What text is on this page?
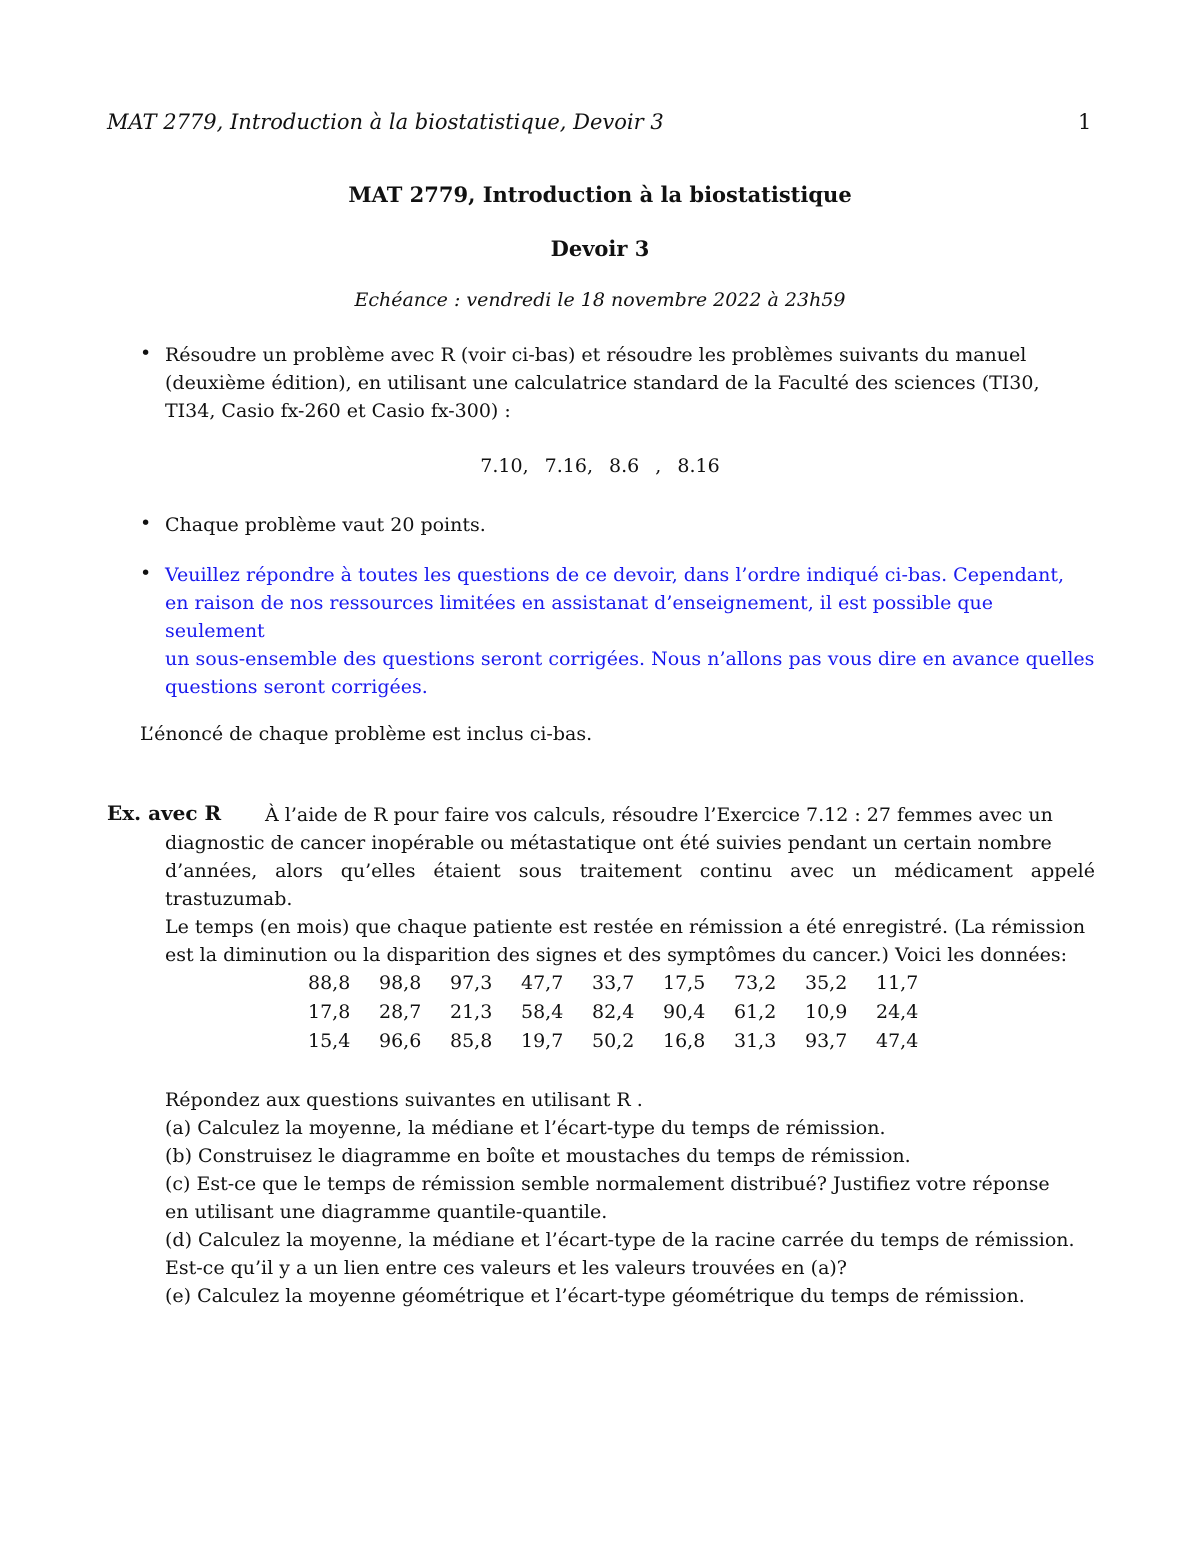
MAT 2779, Introduction à la biostatistique, Devoir 3	1
MAT 2779, Introduction à la biostatistique
Devoir 3
Echéance : vendredi le 18 novembre 2022 à 23h59
• Résoudre un problème avec R (voir ci-bas) et résoudre les problèmes suivants du manuel
(deuxième édition), en utilisant une calculatrice standard de la Faculté des sciences (TI30,
TI34, Casio fx-260 et Casio fx-300) :
7.10, 7.16, 8.6 , 8.16
• Chaque problème vaut 20 points.
• Veuillez répondre à toutes les questions de ce devoir, dans l’ordre indiqué ci-bas. Cependant,
en raison de nos ressources limitées en assistanat d’enseignement, il est possible que seulement
un sous-ensemble des questions seront corrigées. Nous n’allons pas vous dire en avance quelles
questions seront corrigées.
L’énoncé de chaque problème est inclus ci-bas.
Ex. avec R	À l’aide de R pour faire vos calculs, résoudre l’Exercice 7.12 : 27 femmes avec un
diagnostic de cancer inopérable ou métastatique ont été suivies pendant un certain nombre
d’années, alors qu’elles étaient sous traitement continu avec un médicament appelé trastuzumab.
Le temps (en mois) que chaque patiente est restée en rémission a été enregistré. (La rémission
est la diminution ou la disparition des signes et des symptômes du cancer.) Voici les données:
88,8	98,8	97,3	47,7	33,7	17,5	73,2	35,2	11,7
17,8	28,7	21,3	58,4	82,4	90,4	61,2	10,9	24,4
15,4	96,6	85,8	19,7	50,2	16,8	31,3	93,7	47,4
Répondez aux questions suivantes en utilisant R .
(a) Calculez la moyenne, la médiane et l’écart-type du temps de rémission.
(b) Construisez le diagramme en boîte et moustaches du temps de rémission.
(c) Est-ce que le temps de rémission semble normalement distribué? Justifiez votre réponse
en utilisant une diagramme quantile-quantile.
(d) Calculez la moyenne, la médiane et l’écart-type de la racine carrée du temps de rémission.
Est-ce qu’il y a un lien entre ces valeurs et les valeurs trouvées en (a)?
(e) Calculez la moyenne géométrique et l’écart-type géométrique du temps de rémission.
